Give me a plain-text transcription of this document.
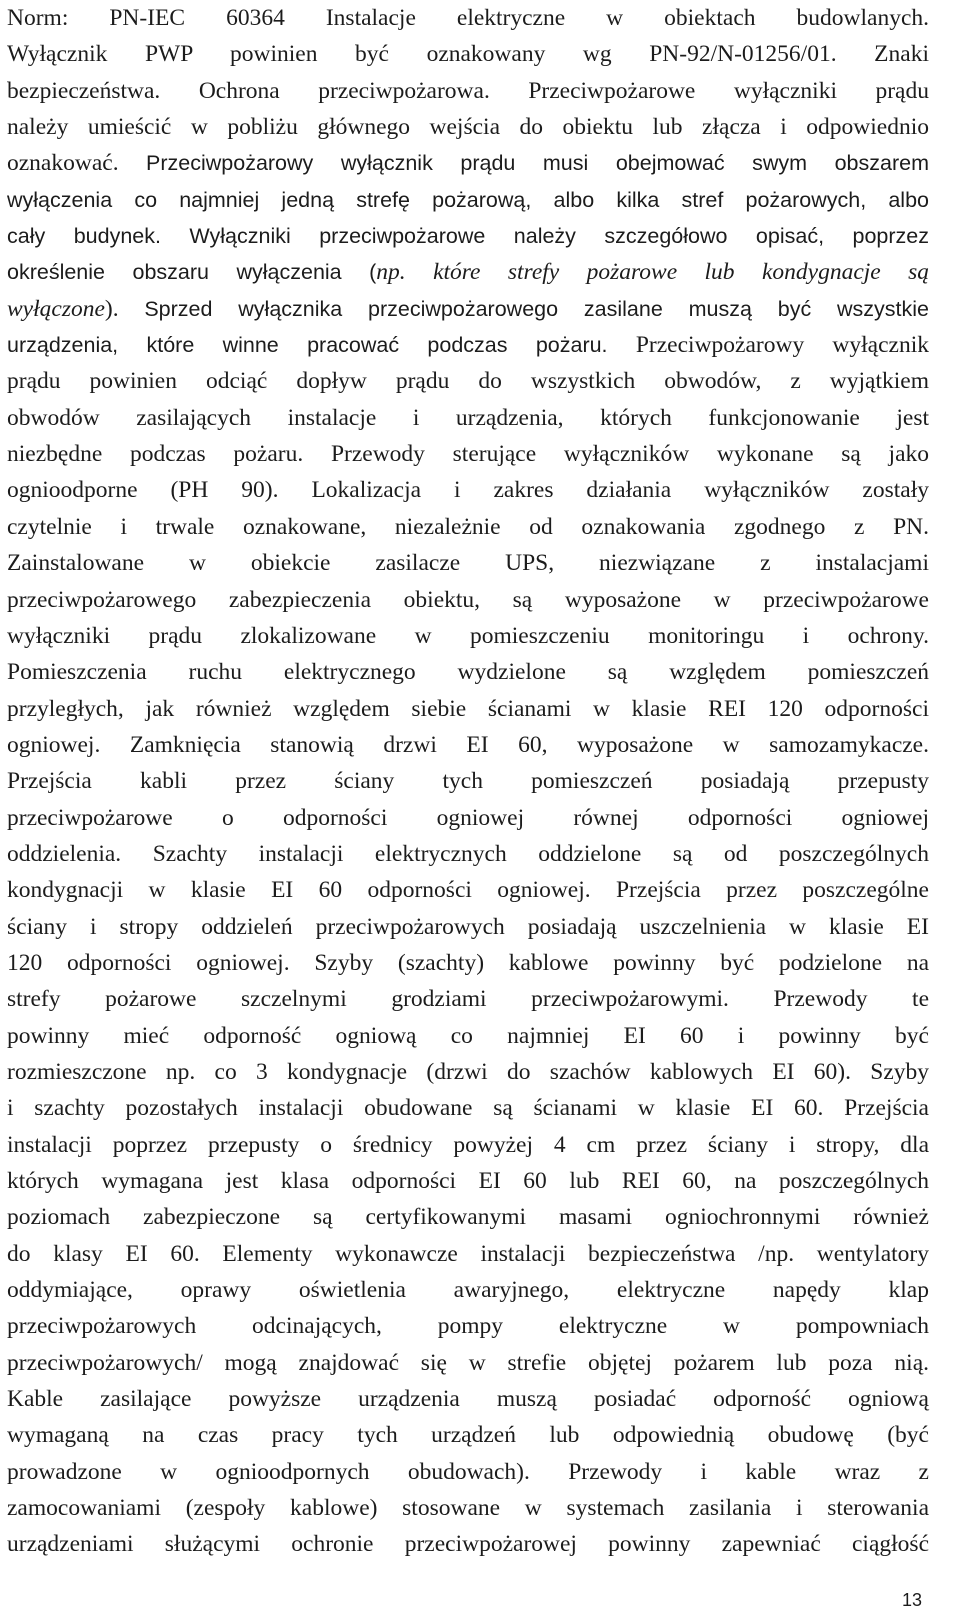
Norm: PN-IEC 60364 Instalacje elektryczne w obiektach budowlanych.
Wyłącznik PWP powinien być oznakowany wg PN-92/N-01256/01. Znaki
bezpieczeństwa. Ochrona przeciwpożarowa. Przeciwpożarowe wyłączniki prądu
należy umieścić w pobliżu głównego wejścia do obiektu lub złącza i odpowiednio
oznakować. Przeciwpożarowy wyłącznik prądu musi obejmować swym obszarem
wyłączenia co najmniej jedną strefę pożarową, albo kilka stref pożarowych, albo
cały budynek. Wyłączniki przeciwpożarowe należy szczegółowo opisać, poprzez
określenie obszaru wyłączenia (np. które strefy pożarowe lub kondygnacje są
wyłączone). Sprzed wyłącznika przeciwpożarowego zasilane muszą być wszystkie
urządzenia, które winne pracować podczas pożaru. Przeciwpożarowy wyłącznik
prądu powinien odciąć dopływ prądu do wszystkich obwodów, z wyjątkiem
obwodów zasilających instalacje i urządzenia, których funkcjonowanie jest
niezbędne podczas pożaru. Przewody sterujące wyłączników wykonane są jako
ognioodporne (PH 90). Lokalizacja i zakres działania wyłączników zostały
czytelnie i trwale oznakowane, niezależnie od oznakowania zgodnego z PN.
Zainstalowane w obiekcie zasilacze UPS, niezwiązane z instalacjami
przeciwpożarowego zabezpieczenia obiektu, są wyposażone w przeciwpożarowe
wyłączniki prądu zlokalizowane w pomieszczeniu monitoringu i ochrony.
Pomieszczenia ruchu elektrycznego wydzielone są względem pomieszczeń
przyległych, jak również względem siebie ścianami w klasie REI 120 odporności
ogniowej. Zamknięcia stanowią drzwi EI 60, wyposażone w samozamykacze.
Przejścia kabli przez ściany tych pomieszczeń posiadają przepusty
przeciwpożarowe o odporności ogniowej równej odporności ogniowej
oddzielenia. Szachty instalacji elektrycznych oddzielone są od poszczególnych
kondygnacji w klasie EI 60 odporności ogniowej. Przejścia przez poszczególne
ściany i stropy oddzieleń przeciwpożarowych posiadają uszczelnienia w klasie EI
120 odporności ogniowej. Szyby (szachty) kablowe powinny być podzielone na
strefy pożarowe szczelnymi grodziami przeciwpożarowymi. Przewody te
powinny mieć odporność ogniową co najmniej EI 60 i powinny być
rozmieszczone np. co 3 kondygnacje (drzwi do szachów kablowych EI 60). Szyby
i szachty pozostałych instalacji obudowane są ścianami w klasie EI 60. Przejścia
instalacji poprzez przepusty o średnicy powyżej 4 cm przez ściany i stropy, dla
których wymagana jest klasa odporności EI 60 lub REI 60, na poszczególnych
poziomach zabezpieczone są certyfikowanymi masami ogniochronnymi również
do klasy EI 60. Elementy wykonawcze instalacji bezpieczeństwa /np. wentylatory
oddymiające, oprawy oświetlenia awaryjnego, elektryczne napędy klap
przeciwpożarowych odcinających, pompy elektryczne w pompowniach
przeciwpożarowych/ mogą znajdować się w strefie objętej pożarem lub poza nią.
Kable zasilające powyższe urządzenia muszą posiadać odporność ogniową
wymaganą na czas pracy tych urządzeń lub odpowiednią obudowę (być
prowadzone w ognioodpornych obudowach). Przewody i kable wraz z
zamocowaniami (zespoły kablowe) stosowane w systemach zasilania i sterowania
urządzeniami służącymi ochronie przeciwpożarowej powinny zapewniać ciągłość
13
